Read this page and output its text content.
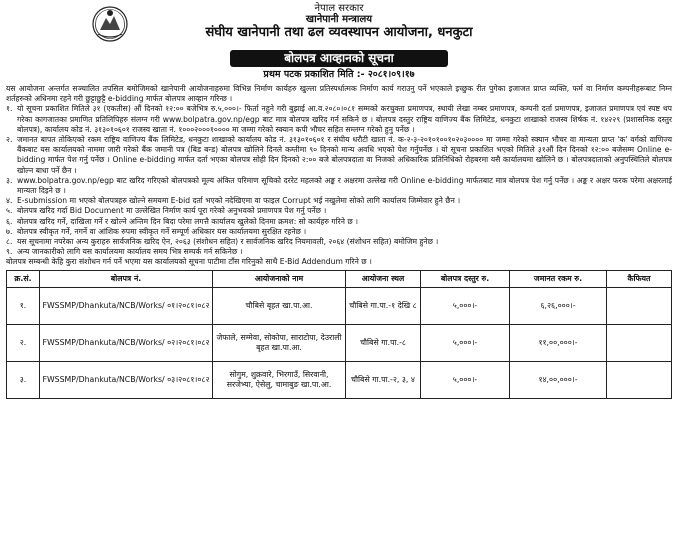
नेपाल सरकार
खानेपानी मन्त्रालय
संघीय खानेपानी तथा ढल व्यवस्थापन आयोजना, धनकुटा
बोलपत्र आव्हानको सूचना
प्रथम पटक प्रकाशित मिति :- २०८१।०९।१७
यस आयोजना अन्तर्गत सञ्चालित तपसिल बमोजिमको खानेपानी आयोजनाहरुमा विभिन्न निर्माण कार्यहरु खुल्ला प्रतिस्पर्धात्मक निर्माण कार्य गराउनु पर्ने भएकाले इच्छुक रीत पुगेका इजाजत प्राप्त व्यक्ति, फर्म वा निर्माण कम्पनीहरूबाट निम्न शर्तहरुको अधिनमा रहने गरी छुट्टाछुट्टै e-bidding मार्फत बोलपत्र आव्हान गरिन्छ ।
१. यो सूचना प्रकाशित मितिले ३१ (एकतीस) औं दिनको १२:०० बजेभित्र रु.५,०००।- फिर्ता नहुने गरी बुझाई आ.व.२०८०।०८१ सम्मको करचुक्ता प्रमाणपत्र, स्थायी लेखा नम्बर प्रमाणपत्र, कम्पनी दर्ता प्रमाणपत्र, इजाजत प्रमाणपत्र एवं स्पष्ट थप गरेका कागजातका प्रमाणित प्रतिलिपिहरु संलग्न गरी www.bolpatra.gov.np/egp बाट मात्र बोलपत्र खरिद गर्न सकिने छ । बोलपत्र दस्तुर राष्ट्रिय वाणिज्य बैंक लिमिटेड, धनकुटा शाखाको राजस्व शिर्षक नं. १४२२९ (प्रशासनिक दस्तुर बोलपत्र), कार्यालय कोड नं. ३१३०१०६०१ राजस्व खाता नं. १०००२०००१०००० मा जम्मा गरेको स्क्यान कपी भौचर सहित सम्लग्न गरेको हुनु पर्नेछ ।
२. जमानत बापत तोकिएको रकम राष्ट्रिय वाणिज्य बैंक लिमिटेड, धनकुटा शाखाको कार्यालय कोड नं. ३१३०१०६०१ र संघीय धरौटी खाता नं. क-२-३-२०१०१००१०२०३०००० मा जम्मा गरेको स्क्यान भौचर वा मान्यता प्राप्त 'क' वर्गको वाणिज्य बैंकबाट यस कार्यालयको नाममा जारी गरेको बैंक जमानी पत्र (बिड बन्ड) बोलपत्र खोलिने दिनले कम्तीमा ९० दिनको मान्य अवधि भएको पेश गर्नुपर्नेछ । यो सूचना प्रकाशित भएको मितिले ३१औं दिन दिनको १२:०० बजेसम्म Online e-bidding मार्फत पेश गर्नु पर्नेछ । Online e-bidding मार्फत दर्ता भएका बोलपत्र सोही दिन दिनको २:०० बजे बोलपत्रदाता वा निजको अधिकारिक प्रतिनिधिको रोहबरमा यसै कार्यालयमा खोलिने छ । बोलपत्रदाताको अनुपस्थितिले बोलपत्र खोल्न बाधा पर्ने छैन ।
३. www.bolpatra.gov.np/egp बाट खरिद गरिएको बोलपत्रको मूल्य अंकित परिमाण सूचिको दररेट महलको अङ्क र अक्षरमा उल्लेख गरी Online e-bidding मार्फतबाट मात्र बोलपत्र पेश गर्नु पर्नेछ । अङ्क र अक्षर फरक परेमा अक्षरलाई मान्यता दिइने छ ।
४. E-submission मा भएको बोलपत्रहरु खोल्ने समयमा E-bid दर्ता भएको नदेखिएमा वा फाइल Corrupt भई नखुलेमा सोको लागि कार्यालय जिम्मेवार हुने छैन ।
५. बोलपत्र खरिद गर्दा Bid Document मा उल्लेखित निर्माण कार्य पूरा गरेको अनुभवको प्रमाणपत्र पेश गर्नु पर्नेछ ।
६. बोलपत्र खरिद गर्ने, दाखिला गर्ने र खोल्ने अन्तिम दिन बिदा परेमा लगत्तै कार्यालय खुलेको दिनमा क्रमश: सो कार्यहरु गरिने छ ।
७. बोलपत्र स्वीकृत गर्ने, नगर्ने वा आंशिक रुपमा स्वीकृत गर्ने सम्पूर्ण अधिकार यस कार्यालयमा सुरक्षित रहनेछ ।
८. यस सूचनामा नपरेका अन्य कुराहरु सार्वजनिक खरिद ऐन, २०६३ (संशोधन सहित) र सार्वजनिक खरिद नियमावली, २०६४ (संशोधन सहित) बमोजिम हुनेछ ।
९. अन्य जानकारीको लागि यस कार्यालयमा कार्यालय समय भित्र सम्पर्क गर्न सकिनेछ ।
बोलपत्र सम्बन्धी केहि कुरा संशोधन गर्न पर्ने भएमा यस कार्यालयको सूचना पाटीमा टाँस गरिनुको साथै E-Bid Addendum गरिने छ ।
क्र.सं.	बोलपत्र नं.	आयोजनाको नाम	आयोजना स्थल	बोलपत्र दस्तुर रु.	जमानत रकम रु.	कैफियत
१.	FWSSMP/Dhankuta/NCB/Works/ ०१।२०८१।०८२	चौबिसे बृहत खा.पा.आ.	चौबिसे गा.पा.-१ देखि ८	५,०००।-	६,२६,०००।-	
२.	FWSSMP/Dhankuta/NCB/Works/ ०२।२०८१।०८२	जेफाले, सम्मेवा, सोकोपा, साराटोपा, देउराली बृहत खा.पा.आ.	चौबिसे गा.पा.-८	५,०००।-	११,००,०००।-	
३.	FWSSMP/Dhankuta/NCB/Works/ ०३।२०८१।०८२	सोगुम, शुक्रवारे, भिरगाउँ, सिरवानी, सरजेभ्या, ऐसेलु, चामाबुङ खा.पा.आ.	चौबिसे गा.पा.-२, ३, ४	५,०००।-	१४,००,०००।-	
